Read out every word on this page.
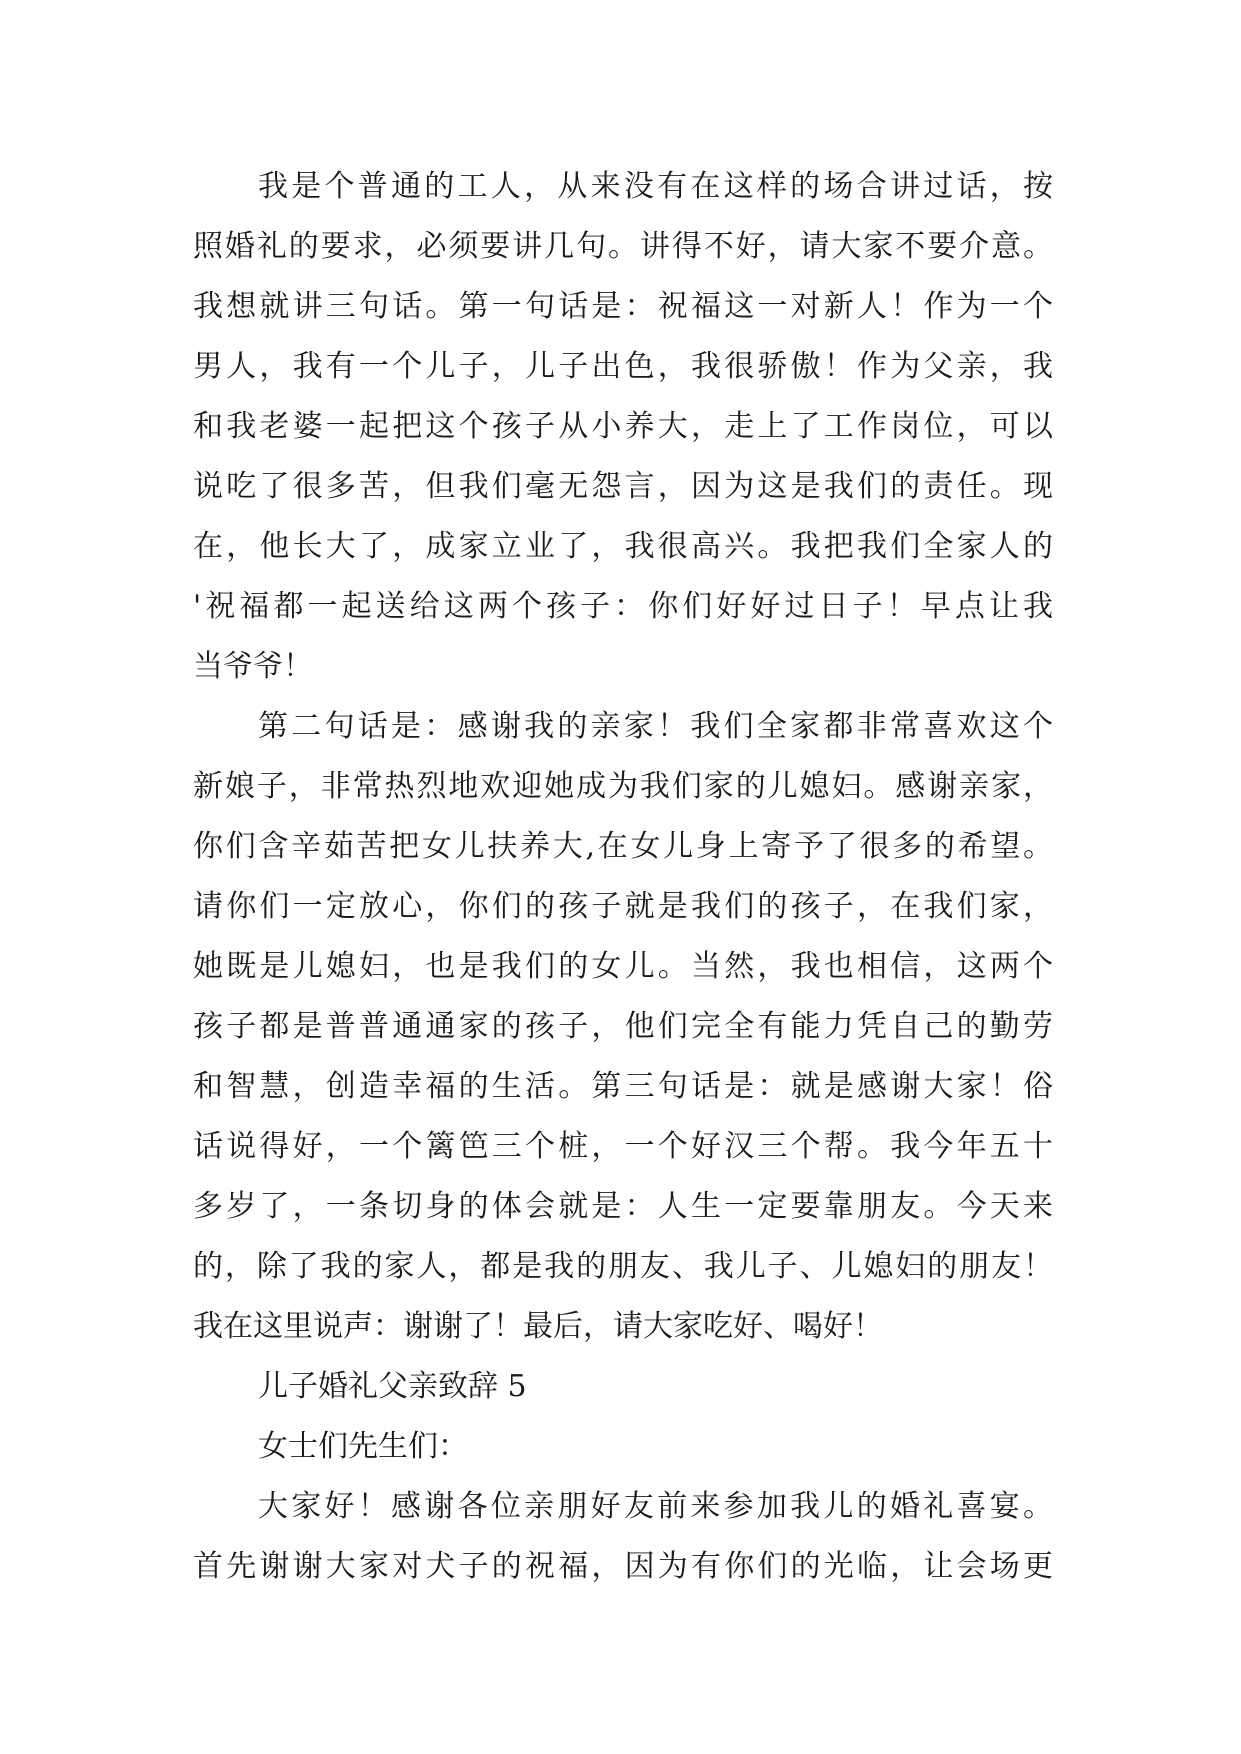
我是个普通的工人，从来没有在这样的场合讲过话，按
照婚礼的要求，必须要讲几句。讲得不好，请大家不要介意。
我想就讲三句话。第一句话是：祝福这一对新人！作为一个
男人，我有一个儿子，儿子出色，我很骄傲！作为父亲，我
和我老婆一起把这个孩子从小养大，走上了工作岗位，可以
说吃了很多苦，但我们毫无怨言，因为这是我们的责任。现
在，他长大了，成家立业了，我很高兴。我把我们全家人的
'祝福都一起送给这两个孩子：你们好好过日子！早点让我
当爷爷！
第二句话是：感谢我的亲家！我们全家都非常喜欢这个
新娘子，非常热烈地欢迎她成为我们家的儿媳妇。感谢亲家，
你们含辛茹苦把女儿扶养大,在女儿身上寄予了很多的希望。
请你们一定放心，你们的孩子就是我们的孩子，在我们家，
她既是儿媳妇，也是我们的女儿。当然，我也相信，这两个
孩子都是普普通通家的孩子，他们完全有能力凭自己的勤劳
和智慧，创造幸福的生活。第三句话是：就是感谢大家！俗
话说得好，一个篱笆三个桩，一个好汉三个帮。我今年五十
多岁了，一条切身的体会就是：人生一定要靠朋友。今天来
的，除了我的家人，都是我的朋友、我儿子、儿媳妇的朋友！
我在这里说声：谢谢了！最后，请大家吃好、喝好！
儿子婚礼父亲致辞 5
女士们先生们：
大家好！感谢各位亲朋好友前来参加我儿的婚礼喜宴。
首先谢谢大家对犬子的祝福，因为有你们的光临，让会场更
